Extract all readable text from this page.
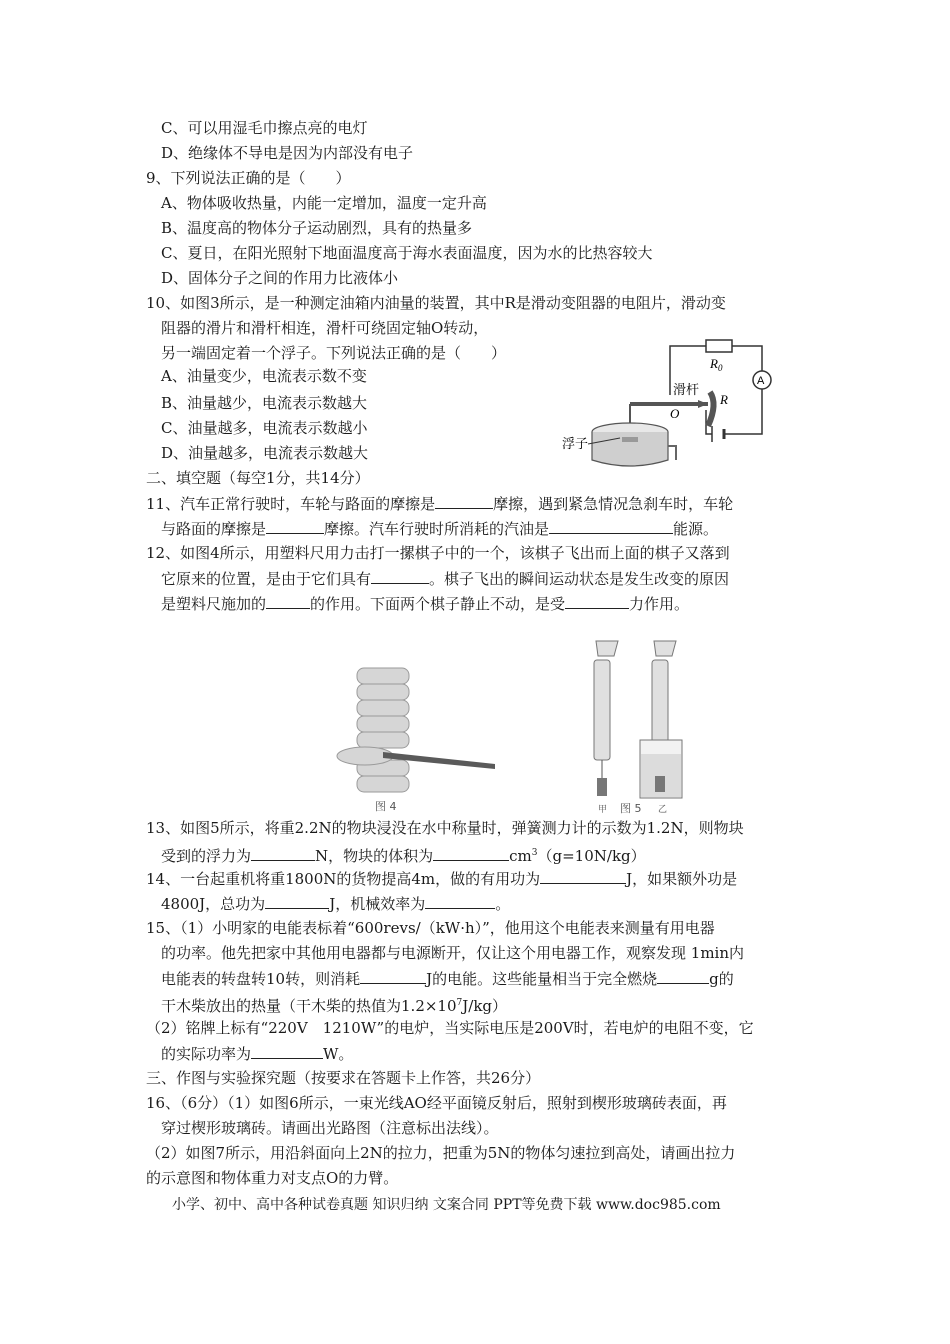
C、可以用湿毛巾擦点亮的电灯
D、绝缘体不导电是因为内部没有电子
9、下列说法正确的是（　　）
A、物体吸收热量，内能一定增加，温度一定升高
B、温度高的物体分子运动剧烈，具有的热量多
C、夏日，在阳光照射下地面温度高于海水表面温度，因为水的比热容较大
D、固体分子之间的作用力比液体小
10、如图3所示，是一种测定油箱内油量的装置，其中R是滑动变阻器的电阻片，滑动变
阻器的滑片和滑杆相连，滑杆可绕固定轴O转动，
另一端固定着一个浮子。下列说法正确的是（　　）
A、油量变少，电流表示数不变
B、油量越少，电流表示数越大
C、油量越多，电流表示数越小
D、油量越多，电流表示数越大
$R_0$
A
R
滑杆
O
浮子
二、填空题（每空1分，共14分）
11、汽车正常行驶时，车轮与路面的摩擦是	摩擦，遇到紧急情况急刹车时，车轮
与路面的摩擦是	摩擦。汽车行驶时所消耗的汽油是	能源。
12、如图4所示，用塑料尺用力击打一摞棋子中的一个，该棋子飞出而上面的棋子又落到
它原来的位置，是由于它们具有	。棋子飞出的瞬间运动状态是发生改变的原因
是塑料尺施加的	的作用。下面两个棋子静止不动，是受	力作用。
图 4	甲 图 5 乙
13、如图5所示，将重2.2N的物块浸没在水中称量时，弹簧测力计的示数为1.2N，则物块
受到的浮力为	N，物块的体积为	$cm^3(g=10N/kg)$
14、一台起重机将重1800N的货物提高4m，做的有用功为	J，如果额外功是
4800J，总功为	J，机械效率为	。
15、（1）小明家的电能表标着“600revs/（kW·h）”，他用这个电能表来测量有用电器
的功率。他先把家中其他用电器都与电源断开，仅让这个用电器工作，观察发现 1min内
电能表的转盘转10转，则消耗	J的电能。这些能量相当于完全燃烧	g的
干木柴放出的热量（干木柴的热值为$1.2\times 10^7J/kg$）
（2）铭牌上标有“220V　1210W”的电炉，当实际电压是200V时，若电炉的电阻不变，它
的实际功率为	W。
三、作图与实验探究题（按要求在答题卡上作答，共26分）
16、（6分）（1）如图6所示，一束光线AO经平面镜反射后，照射到楔形玻璃砖表面，再
穿过楔形玻璃砖。请画出光路图（注意标出法线）。
（2）如图7所示，用沿斜面向上2N的拉力，把重为5N的物体匀速拉到高处，请画出拉力
的示意图和物体重力对支点O的力臂。
小学、初中、高中各种试卷真题 知识归纳 文案合同 PPT等免费下载 www.doc985.com
